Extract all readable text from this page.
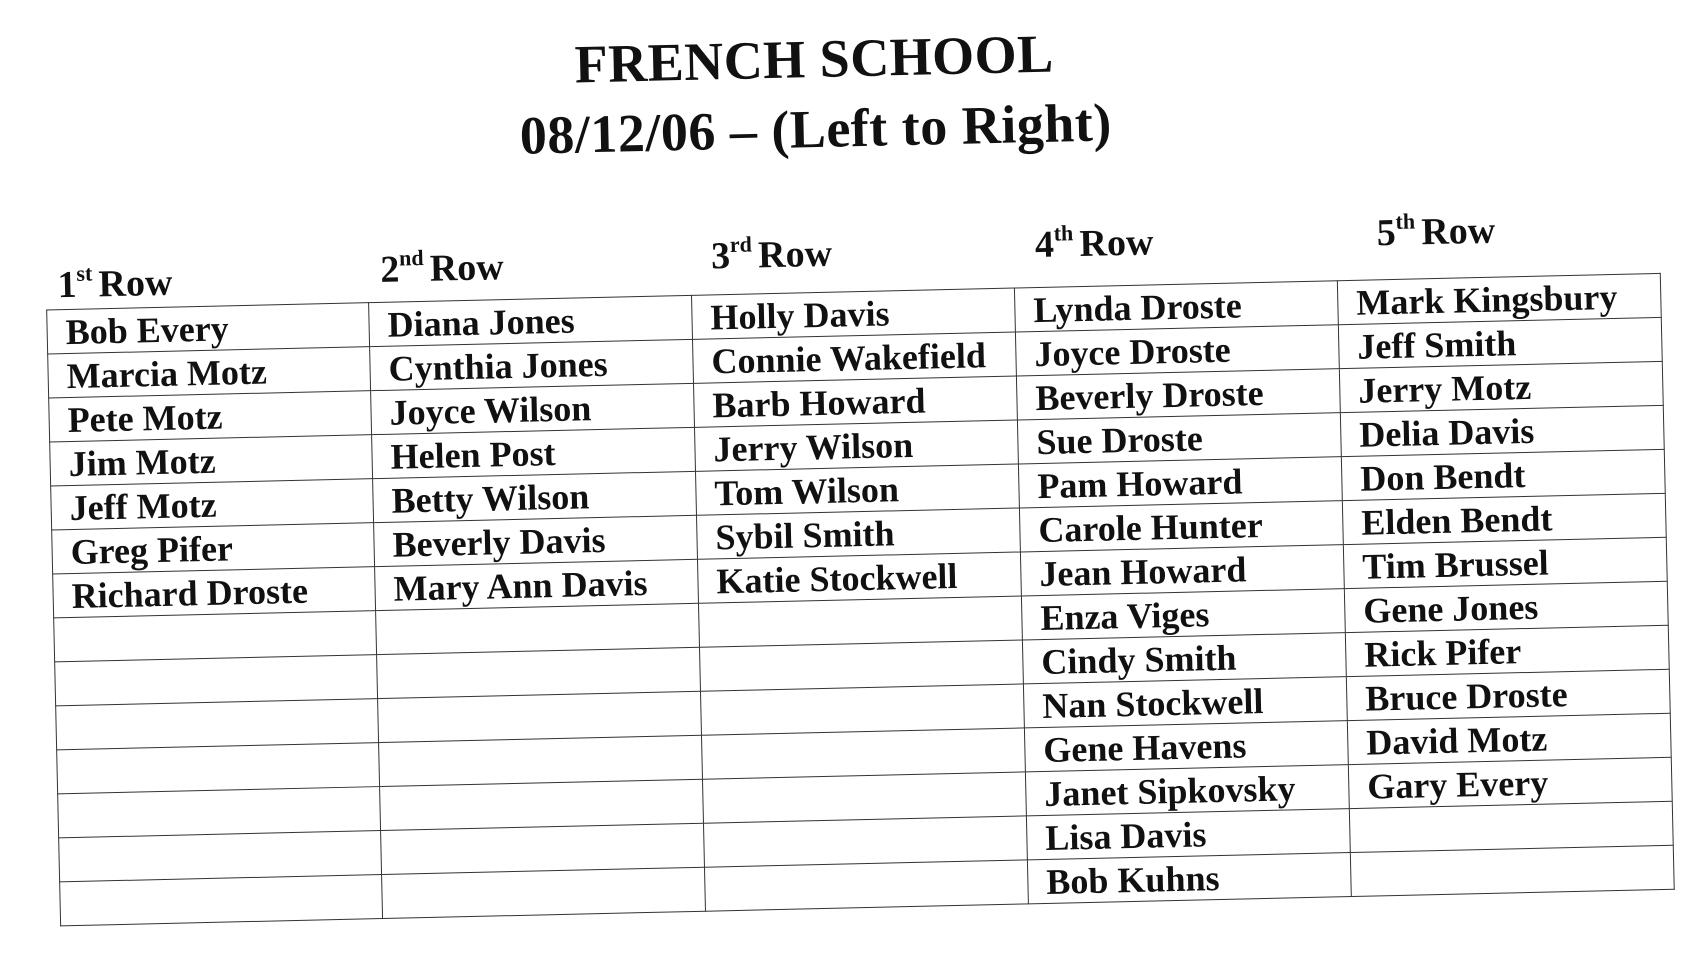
FRENCH SCHOOL
08/12/06 – (Left to Right)
1st Row	2nd Row	3rd Row	4th Row	5th Row
Bob Every	Diana Jones	Holly Davis	Lynda Droste	Mark Kingsbury
Marcia Motz	Cynthia Jones	Connie Wakefield	Joyce Droste	Jeff Smith
Pete Motz	Joyce Wilson	Barb Howard	Beverly Droste	Jerry Motz
Jim Motz	Helen Post	Jerry Wilson	Sue Droste	Delia Davis
Jeff Motz	Betty Wilson	Tom Wilson	Pam Howard	Don Bendt
Greg Pifer	Beverly Davis	Sybil Smith	Carole Hunter	Elden Bendt
Richard Droste	Mary Ann Davis	Katie Stockwell	Jean Howard	Tim Brussel
			Enza Viges	Gene Jones
			Cindy Smith	Rick Pifer
			Nan Stockwell	Bruce Droste
			Gene Havens	David Motz
			Janet Sipkovsky	Gary Every
			Lisa Davis	
			Bob Kuhns	
